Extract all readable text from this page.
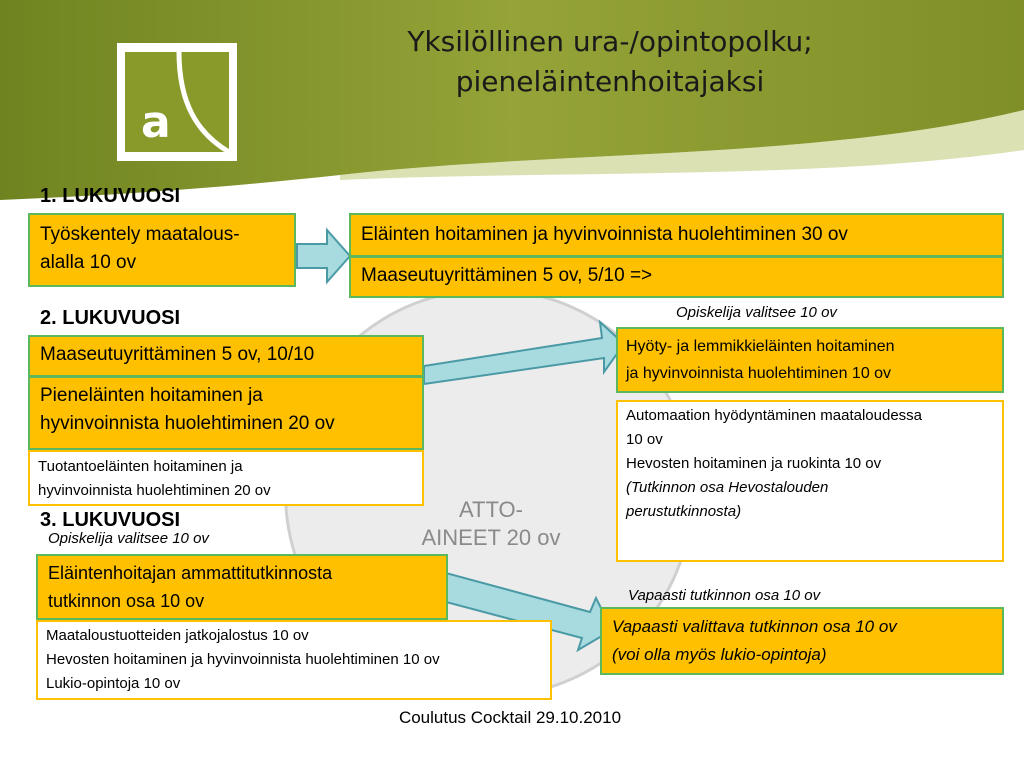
a
Yksilöllinen ura-/opintopolku;
pieneläintenhoitajaksi
ATTO-
AINEET 20 ov
1. LUKUVUOSI
Työskentely maatalous-
alalla 10 ov
Eläinten hoitaminen ja hyvinvoinnista huolehtiminen 30 ov
Maaseutuyrittäminen 5 ov, 5/10 =>
2. LUKUVUOSI	Opiskelija valitsee 10 ov
Maaseutuyrittäminen 5 ov, 10/10
Pieneläinten hoitaminen ja
hyvinvoinnista huolehtiminen 20 ov
Tuotantoeläinten hoitaminen ja
hyvinvoinnista huolehtiminen 20 ov
Hyöty- ja lemmikkieläinten hoitaminen
ja hyvinvoinnista huolehtiminen 10 ov
Automaation hyödyntäminen maataloudessa
10 ov
Hevosten hoitaminen ja ruokinta 10 ov
(Tutkinnon osa Hevostalouden
perustutkinnosta)
3. LUKUVUOSI
Opiskelija valitsee 10 ov
Vapaasti tutkinnon osa 10 ov
Eläintenhoitajan ammattitutkinnosta
tutkinnon osa 10 ov
Maataloustuotteiden jatkojalostus 10 ov
Hevosten hoitaminen ja hyvinvoinnista huolehtiminen 10 ov
Lukio-opintoja 10 ov
Vapaasti valittava tutkinnon osa 10 ov
(voi olla myös lukio-opintoja)
Coulutus Cocktail 29.10.2010
